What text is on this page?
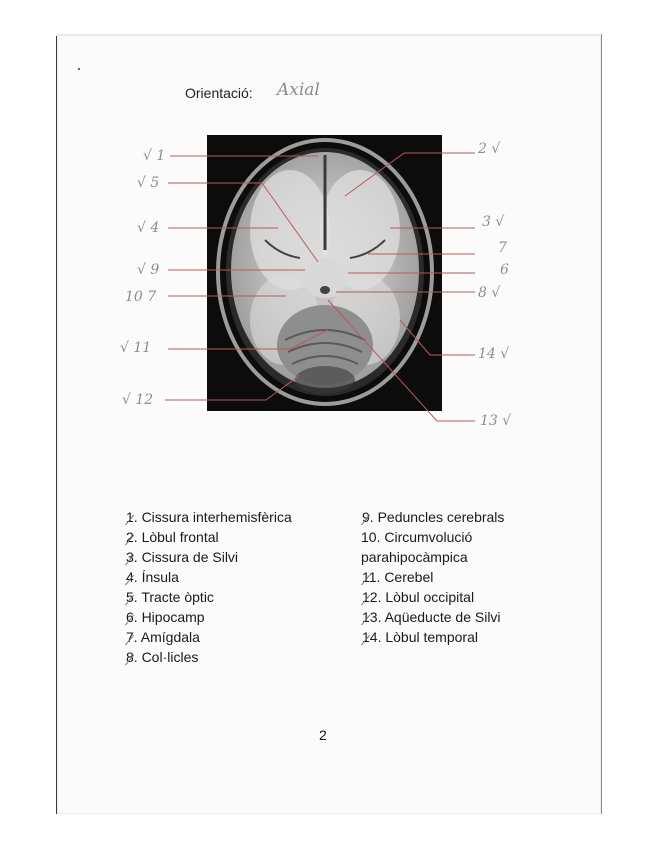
Orientació: Axial
√ 1
√ 5
√ 4
√ 9
10 7
√ 11
√ 12
2 √
3 √
7
6
8 √
14 √
13 √
1. Cissura interhemisfèrica
2. Lòbul frontal
3. Cissura de Silvi
4. Ínsula
5. Tracte òptic
6. Hipocamp
7. Amígdala
8. Col·licles
9. Peduncles cerebrals
10. Circumvolució
parahipocàmpica
11. Cerebel
12. Lòbul occipital
13. Aqüeducte de Silvi
14. Lòbul temporal
2
